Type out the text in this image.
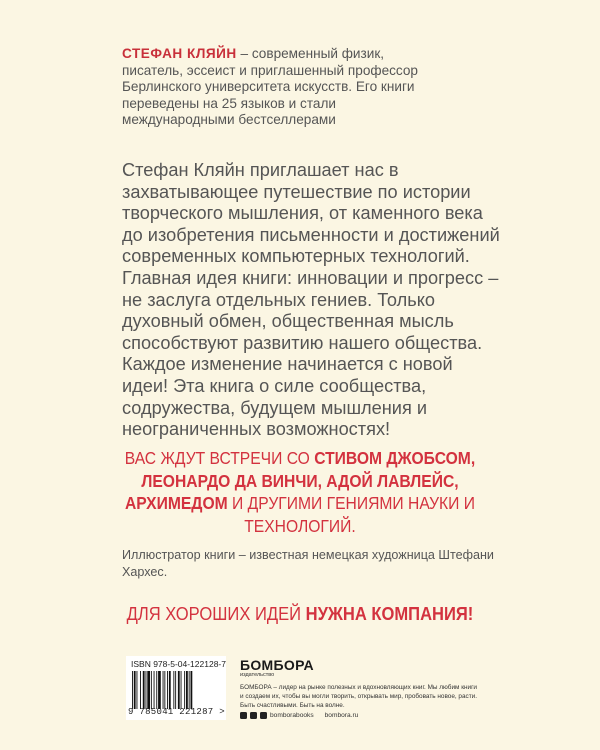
СТЕФАН КЛЯЙН – современный физик, писатель, эссеист и приглашенный профессор Берлинского университета искусств. Его книги переведены на 25 языков и стали международными бестселлерами
Стефан Кляйн приглашает нас в захватывающее путешествие по истории творческого мышления, от каменного века до изобретения письменности и достижений современных компьютерных технологий. Главная идея книги: инновации и прогресс – не заслуга отдельных гениев. Только духовный обмен, общественная мысль способствуют развитию нашего общества. Каждое изменение начинается с новой идеи! Эта книга о силе сообщества, содружества, будущем мышления и неограниченных возможностях!
ВАС ЖДУТ ВСТРЕЧИ СО СТИВОМ ДЖОБСОМ,
ЛЕОНАРДО ДА ВИНЧИ, АДОЙ ЛАВЛЕЙС,
АРХИМЕДОМ И ДРУГИМИ ГЕНИЯМИ НАУКИ И ТЕХНОЛОГИЙ.
Иллюстратор книги – известная немецкая художница Штефани Хархес.
ДЛЯ ХОРОШИХ ИДЕЙ НУЖНА КОМПАНИЯ!
ISBN 978-5-04-122128-7
9 785041 221287 >
БОМБОРА
издательство
БОМБОРА – лидер на рынке полезных и вдохновляющих книг. Мы любим книги и создаем их, чтобы вы могли творить, открывать мир, пробовать новое, расти. Быть счастливыми. Быть на волне.
bomborabooks bombora.ru
